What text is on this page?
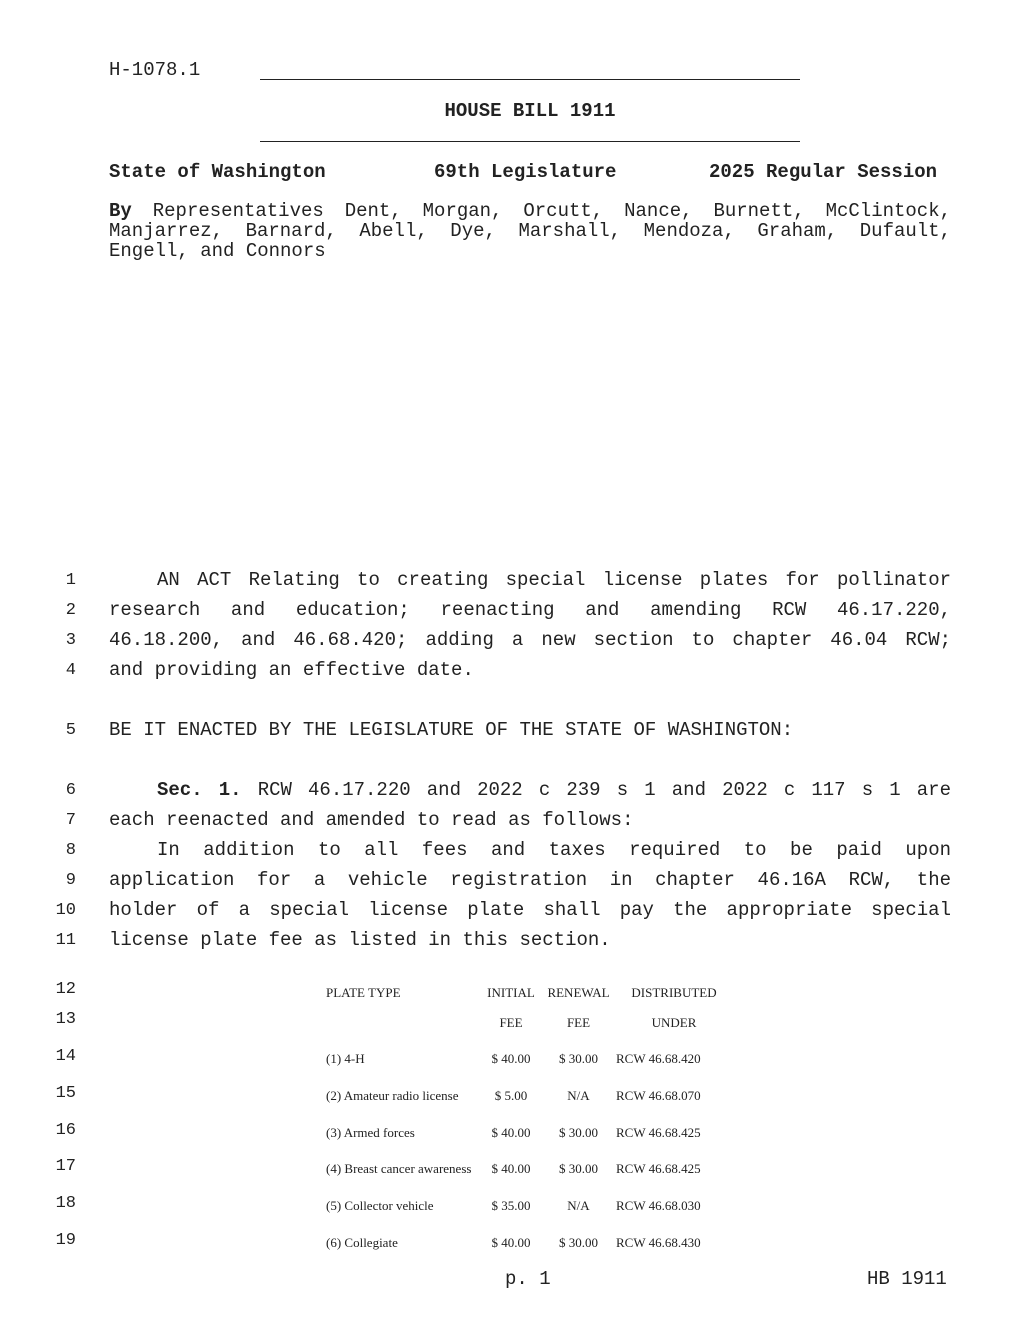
H-1078.1
HOUSE BILL 1911
State of Washington	69th Legislature	2025 Regular Session
By Representatives Dent, Morgan, Orcutt, Nance, Burnett, McClintock,
Manjarrez, Barnard, Abell, Dye, Marshall, Mendoza, Graham, Dufault,
Engell, and Connors
1	AN ACT Relating to creating special license plates for pollinator
2 research and education; reenacting and amending RCW 46.17.220,
3 46.18.200, and 46.68.420; adding a new section to chapter 46.04 RCW;
4 and providing an effective date.
5 BE IT ENACTED BY THE LEGISLATURE OF THE STATE OF WASHINGTON:
6	Sec. 1. RCW 46.17.220 and 2022 c 239 s 1 and 2022 c 117 s 1 are
7 each reenacted and amended to read as follows:
8	In addition to all fees and taxes required to be paid upon
9 application for a vehicle registration in chapter 46.16A RCW, the
10 holder of a special license plate shall pay the appropriate special
11 license plate fee as listed in this section.
12
13
PLATE TYPE	INITIAL RENEWAL	DISTRIBUTED
FEE	FEE	UNDER
14	(1) 4-H	$ 40.00	$ 30.00	RCW 46.68.420
15	(2) Amateur radio license	$ 5.00	N/A	RCW 46.68.070
16	(3) Armed forces	$ 40.00	$ 30.00	RCW 46.68.425
17	(4) Breast cancer awareness	$ 40.00	$ 30.00	RCW 46.68.425
18	(5) Collector vehicle	$ 35.00	N/A	RCW 46.68.030
19	(6) Collegiate	$ 40.00	$ 30.00	RCW 46.68.430
p. 1	HB 1911
